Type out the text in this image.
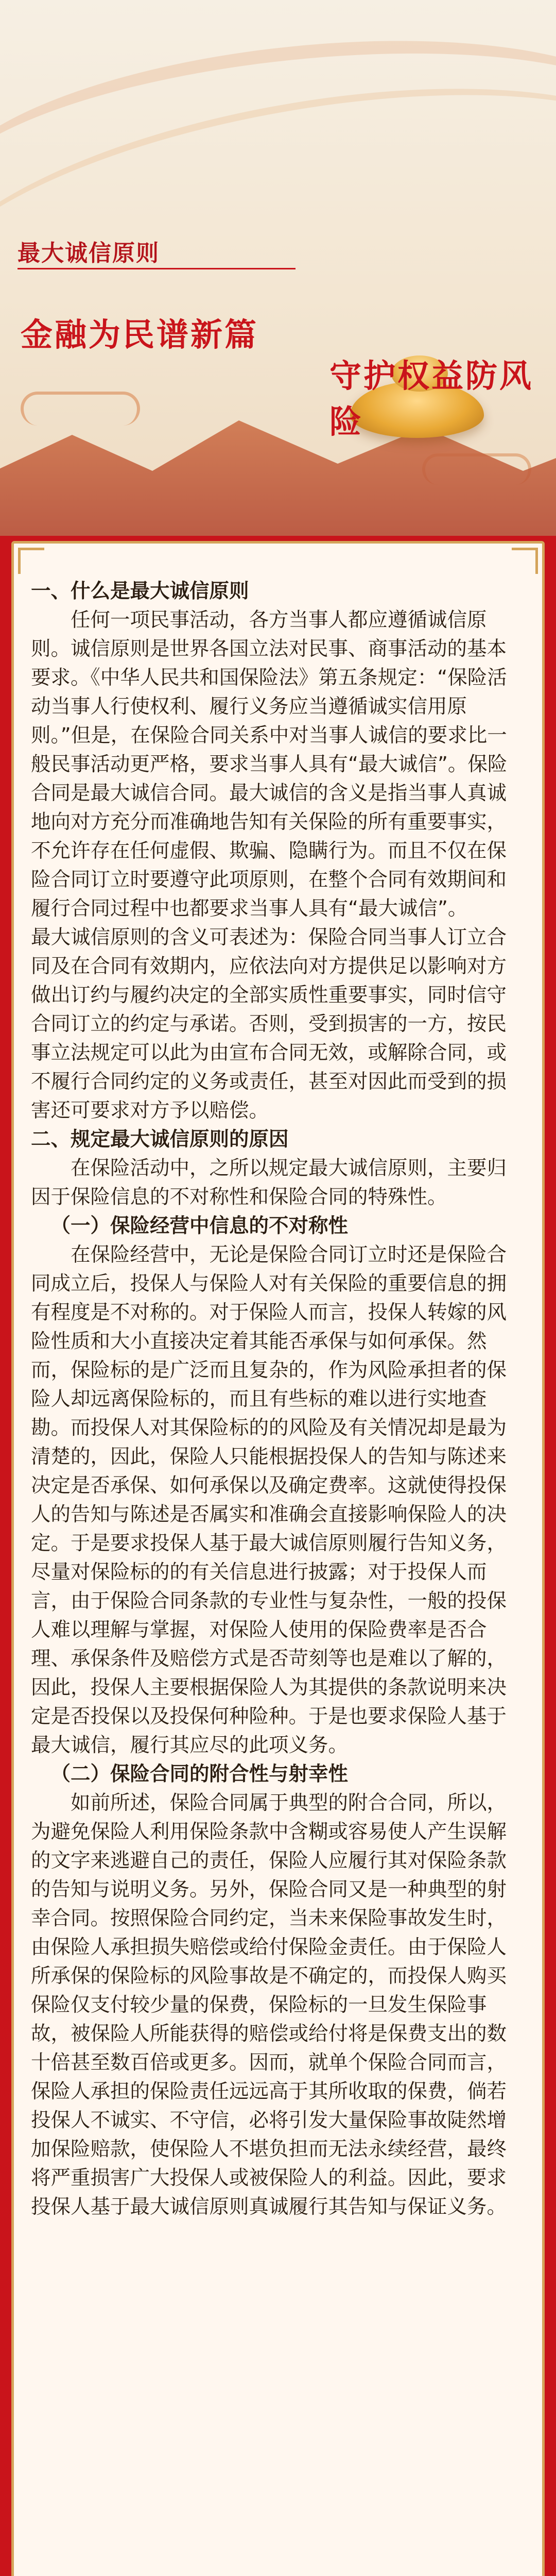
最大诚信原则
金融为民谱新篇
守护权益防风险

一、什么是最大诚信原则

任何一项民事活动，各方当事人都应遵循诚信原则。诚信原则是世界各国立法对民事、商事活动的基本要求。《中华人民共和国保险法》第五条规定：“保险活动当事人行使权利、履行义务应当遵循诚实信用原则。”但是，在保险合同关系中对当事人诚信的要求比一般民事活动更严格，要求当事人具有“最大诚信”。保险合同是最大诚信合同。最大诚信的含义是指当事人真诚地向对方充分而准确地告知有关保险的所有重要事实，不允许存在任何虚假、欺骗、隐瞒行为。而且不仅在保险合同订立时要遵守此项原则，在整个合同有效期间和履行合同过程中也都要求当事人具有“最大诚信”。

最大诚信原则的含义可表述为：保险合同当事人订立合同及在合同有效期内，应依法向对方提供足以影响对方做出订约与履约决定的全部实质性重要事实，同时信守合同订立的约定与承诺。否则，受到损害的一方，按民事立法规定可以此为由宣布合同无效，或解除合同，或不履行合同约定的义务或责任，甚至对因此而受到的损害还可要求对方予以赔偿。

二、规定最大诚信原则的原因

在保险活动中，之所以规定最大诚信原则，主要归因于保险信息的不对称性和保险合同的特殊性。

（一）保险经营中信息的不对称性

在保险经营中，无论是保险合同订立时还是保险合同成立后，投保人与保险人对有关保险的重要信息的拥有程度是不对称的。对于保险人而言，投保人转嫁的风险性质和大小直接决定着其能否承保与如何承保。然而，保险标的是广泛而且复杂的，作为风险承担者的保险人却远离保险标的，而且有些标的难以进行实地查勘。而投保人对其保险标的的风险及有关情况却是最为清楚的，因此，保险人只能根据投保人的告知与陈述来决定是否承保、如何承保以及确定费率。这就使得投保人的告知与陈述是否属实和准确会直接影响保险人的决定。于是要求投保人基于最大诚信原则履行告知义务，尽量对保险标的的有关信息进行披露；对于投保人而言，由于保险合同条款的专业性与复杂性，一般的投保人难以理解与掌握，对保险人使用的保险费率是否合理、承保条件及赔偿方式是否苛刻等也是难以了解的，因此，投保人主要根据保险人为其提供的条款说明来决定是否投保以及投保何种险种。于是也要求保险人基于最大诚信，履行其应尽的此项义务。

（二）保险合同的附合性与射幸性

如前所述，保险合同属于典型的附合合同，所以，为避免保险人利用保险条款中含糊或容易使人产生误解的文字来逃避自己的责任，保险人应履行其对保险条款的告知与说明义务。另外，保险合同又是一种典型的射幸合同。按照保险合同约定，当未来保险事故发生时，由保险人承担损失赔偿或给付保险金责任。由于保险人所承保的保险标的风险事故是不确定的，而投保人购买保险仅支付较少量的保费，保险标的一旦发生保险事故，被保险人所能获得的赔偿或给付将是保费支出的数十倍甚至数百倍或更多。因而，就单个保险合同而言，保险人承担的保险责任远远高于其所收取的保费，倘若投保人不诚实、不守信，必将引发大量保险事故陡然增加保险赔款，使保险人不堪负担而无法永续经营，最终将严重损害广大投保人或被保险人的利益。因此，要求投保人基于最大诚信原则真诚履行其告知与保证义务。
